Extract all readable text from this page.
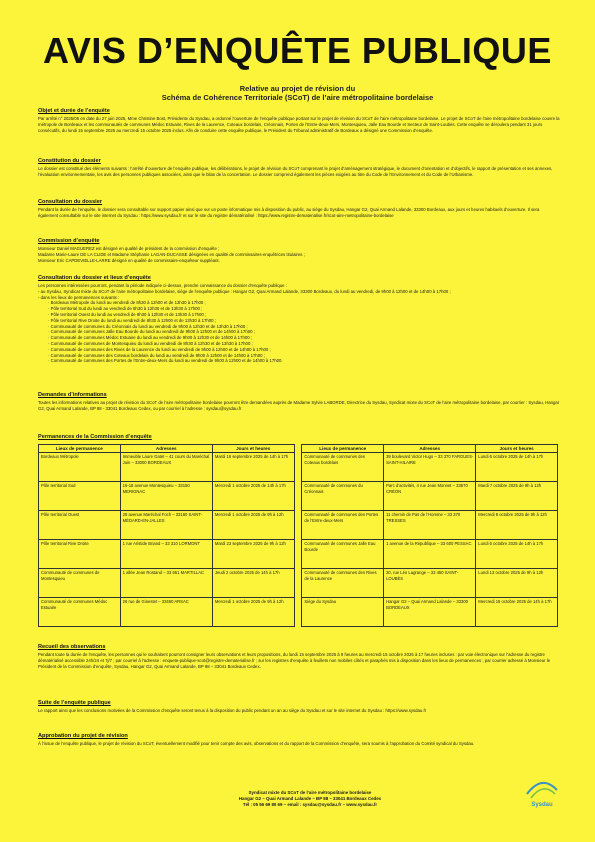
AVIS D’ENQUÊTE PUBLIQUE
Relative au projet de révision du
Schéma de Cohérence Territoriale (SCoT) de l’aire métropolitaine bordelaise
Objet et durée de l’enquête

Par arrêté n° 2025/06 en date du 27 juin 2025, Mme Christine Bost, Présidente du Sysdau, a ordonné l’ouverture de l’enquête publique portant sur le projet de révision du SCoT de l’aire métropolitaine bordelaise. Le projet de SCoT de l’aire métropolitaine bordelaise couvre la métropole de Bordeaux et les communautés de communes Médoc Estuaire, Rives de la Laurence, Coteaux bordelais, Créonnais, Portes de l’Entre-deux-Mers, Montesquieu, Jalle Eau Bourde et Secteur de Saint-Loubès. Cette enquête se déroulera pendant 31 jours consécutifs, du lundi 15 septembre 2025 au mercredi 15 octobre 2025 inclus. Afin de conduire cette enquête publique, le Président du Tribunal administratif de Bordeaux a désigné une Commission d’enquête.

Constitution du dossier

Le dossier est constitué des éléments suivants : l’arrêté d’ouverture de l’enquête publique, les délibérations, le projet de révision du SCoT comprenant le projet d’aménagement stratégique, le document d’orientation et d’objectifs, le rapport de présentation et ses annexes, l’évaluation environnementale, les avis des personnes publiques associées, ainsi que le bilan de la concertation. Le dossier comprend également les pièces exigées au titre du Code de l’Environnement et du Code de l’Urbanisme.

Consultation du dossier

Pendant la durée de l’enquête, le dossier sera consultable sur support papier ainsi que sur un poste informatique mis à disposition du public, au siège du Sysdau, Hangar G2, Quai Armand Lalande, 33300 Bordeaux, aux jours et heures habituels d’ouverture. Il sera également consultable sur le site internet du Sysdau : https://www.sysdau.fr et sur le site du registre dématérialisé : https://www.registre-dematerialise.fr/scot-aire-metropolitaine-bordelaise

Commission d’enquête

Monsieur Daniel MAGUEREZ est désigné en qualité de président de la commission d’enquête ;

Madame Marie-Laure DE LA CLIDE et Madame Stéphanie LAGAN-DUCASSE désignées en qualité de commissaires-enquêtrices titulaires ;

Monsieur Eric CAPDEVIELLE-LARRE désigné en qualité de commissaire-enquêteur suppléant.

Consultation du dossier et lieux d’enquête

Les personnes intéressées pourront, pendant la période indiquée ci-dessus, prendre connaissance du dossier d’enquête publique :

- au Sysdau, Syndicat mixte du SCoT de l’aire métropolitaine bordelaise, siège de l’enquête publique : Hangar G2, Quai Armand Lalande, 33300 Bordeaux, du lundi au vendredi, de 9h00 à 12h00 et de 14h00 à 17h00 ;

- dans les lieux de permanences suivants :

· Bordeaux Métropole du lundi au vendredi de 8h30 à 12h00 et de 13h30 à 17h00 ;

· Pôle territorial Sud du lundi au vendredi de 8h30 à 12h30 et de 13h30 à 17h00 ;

· Pôle territorial Ouest du lundi au vendredi de 8h30 à 12h30 et de 13h30 à 17h00 ;

· Pôle territorial Rive Droite du lundi au vendredi de 8h30 à 12h00 et de 13h30 à 17h00 ;

· Communauté de communes du Créonnais du lundi au vendredi de 9h00 à 12h30 et de 13h30 à 17h00 ;

· Communauté de communes Jalle Eau Bourde du lundi au vendredi de 9h00 à 12h00 et de 14h00 à 17h00 ;

· Communauté de communes Médoc Estuaire du lundi au vendredi de 9h00 à 12h30 et de 14h00 à 17h00 ;

· Communauté de communes de Montesquieu du lundi au vendredi de 8h30 à 12h30 et de 13h30 à 17h00 ;

· Communauté de communes des Rives de la Laurence du lundi au vendredi de 9h00 à 12h00 et de 14h00 à 17h00 ;

· Communauté de communes des Coteaux bordelais du lundi au vendredi de 9h00 à 12h00 et de 14h00 à 17h00 ;

· Communauté de communes des Portes de l’Entre-deux-Mers du lundi au vendredi de 9h00 à 12h00 et de 14h00 à 17h00.

Demandes d’informations

Toutes les informations relatives au projet de révision du SCoT de l’aire métropolitaine bordelaise pourront être demandées auprès de Madame Sylvie LABORDE, Directrice du Sysdau, Syndicat mixte du SCoT de l’aire métropolitaine bordelaise, par courrier : Sysdau, Hangar G2, Quai Armand Lalande, BP 88 - 33041 Bordeaux Cedex, ou par courriel à l’adresse : sysdau@sysdau.fr

Permanences de la Commission d’enquête
Lieux de permanence	Adresses	Jours et heures		Lieux de permanence	Adresses	Jours et heures
Bordeaux Métropole	Immeuble Laure Gatet – 41 cours du Maréchal Juin – 33000 BORDEAUX	Mardi 16 septembre 2025 de 14h à 17h		Communauté de communes des Coteaux bordelais	39 boulevard Victor Hugo – 33 370 FARGUES-SAINT-HILAIRE	Lundi 6 octobre 2025 de 14h à 17h
Pôle territorial Sud	16-18 avenue Montesquieu – 33150 MERIGNAC	Mercredi 1 octobre 2025 de 14h à 17h		Communauté de communes du Créonnais	Parc d’activités, 4 rue Jean Monnet – 33670 CRÉON	Mardi 7 octobre 2025 de 9h à 12h
Pôle territorial Ouest	28 avenue Maréchal Foch – 33160 SAINT-MÉDARD-EN-JALLES	Mercredi 1 octobre 2025 de 9h à 12h		Communauté de communes des Portes de l’Entre-deux-Mers	11 chemin de Pas de l’Homme – 33 370 TRESSES	Mercredi 8 octobre 2025 de 9h à 12h
Pôle territorial Rive Droite	1 rue Aristide Briand – 33 310 LORMONT	Mardi 23 septembre 2025 de 9h à 12h		Communauté de communes Jalle Eau Bourde	1 avenue de la République – 33 600 PESSAC	Lundi 6 octobre 2025 de 14h à 17h
Communauté de communes de Montesquieu	1 allée Jean Rostand – 33 651 MARTILLAC	Jeudi 2 octobre 2025 de 14h à 17h		Communauté de communes des Rives de la Laurence	20, rue Léo Lagrange – 33 450 SAINT-LOUBÈS	Lundi 13 octobre 2025 de 9h à 12h
Communauté de communes Médoc Estuaire	26 rue de Ginestet – 33460 ARSAC	Mercredi 1 octobre 2025 de 9h à 12h		Siège du Sysdau	Hangar G2 – Quai Armand Lalande – 33300 BORDEAUX	Mercredi 15 octobre 2025 de 14h à 17h
Recueil des observations

Pendant toute la durée de l’enquête, les personnes qui le souhaitent pourront consigner leurs observations et leurs propositions, du lundi 15 septembre 2025 à 9 heures au mercredi 15 octobre 2025 à 17 heures incluses : par voie électronique sur l’adresse du registre dématérialisé accessible 24h/24 et 7j/7 ; par courriel à l’adresse : enquete-publique-scot@registre-dematerialise.fr ; sur les registres d’enquête à feuillets non mobiles côtés et paraphés mis à disposition dans les lieux de permanences ; par courrier adressé à Monsieur le Président de la Commission d’enquête, Sysdau, Hangar G2, Quai Armand Lalande, BP 88 – 33041 Bordeaux Cedex.

Suite de l’enquête publique

Le rapport ainsi que les conclusions motivées de la Commission d’enquête seront tenus à la disposition du public pendant un an au siège du Sysdau et sur le site internet du Sysdau : https://www.sysdau.fr

Approbation du projet de révision

À l’issue de l’enquête publique, le projet de révision du SCoT, éventuellement modifié pour tenir compte des avis, observations et du rapport de la Commission d’enquête, sera soumis à l’approbation du Comité syndical du Sysdau.

Syndicat mixte du SCoT de l’aire métropolitaine bordelaise
Hangar G2 – Quai Armand Lalande – BP 88 – 33041 Bordeaux Cedex
Tél : 05 56 69 80 69 – email : sysdau@sysdau.fr – www.sysdau.fr	Sysdau
